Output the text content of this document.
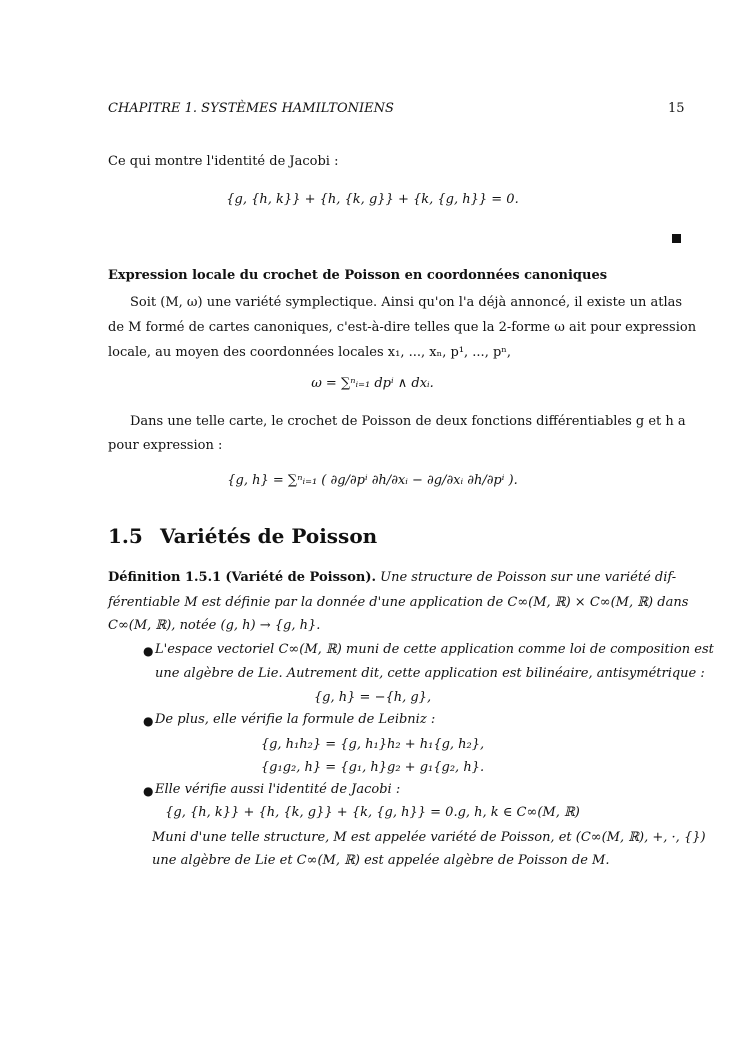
CHAPITRE 1. SYSTÈMES HAMILTONIENS	15
Ce qui montre l'identité de Jacobi :
{g, {h, k}} + {h, {k, g}} + {k, {g, h}} = 0.
Expression locale du crochet de Poisson en coordonnées canoniques
Soit (M, ω) une variété symplectique. Ainsi qu'on l'a déjà annoncé, il existe un atlas
de M formé de cartes canoniques, c'est-à-dire telles que la 2-forme ω ait pour expression
locale, au moyen des coordonnées locales x₁, ..., xₙ, p¹, ..., pⁿ,
ω = ∑ⁿᵢ₌₁ dpⁱ ∧ dxᵢ.
Dans une telle carte, le crochet de Poisson de deux fonctions différentiables g et h a
pour expression :
{g, h} = ∑ⁿᵢ₌₁ ( ∂g/∂pⁱ ∂h/∂xᵢ − ∂g/∂xᵢ ∂h/∂pⁱ ).
1.5 Variétés de Poisson
Définition 1.5.1 (Variété de Poisson). Une structure de Poisson sur une variété dif-
férentiable M est définie par la donnée d'une application de C∞(M, ℝ) × C∞(M, ℝ) dans
C∞(M, ℝ), notée (g, h) → {g, h}.
● L'espace vectoriel C∞(M, ℝ) muni de cette application comme loi de composition est
une algèbre de Lie. Autrement dit, cette application est bilinéaire, antisymétrique :
{g, h} = −{h, g},
● De plus, elle vérifie la formule de Leibniz :
{g, h₁h₂} = {g, h₁}h₂ + h₁{g, h₂},
{g₁g₂, h} = {g₁, h}g₂ + g₁{g₂, h}.
● Elle vérifie aussi l'identité de Jacobi :
{g, {h, k}} + {h, {k, g}} + {k, {g, h}} = 0.g, h, k ∈ C∞(M, ℝ)
Muni d'une telle structure, M est appelée variété de Poisson, et (C∞(M, ℝ), +, ·, {})
une algèbre de Lie et C∞(M, ℝ) est appelée algèbre de Poisson de M.
